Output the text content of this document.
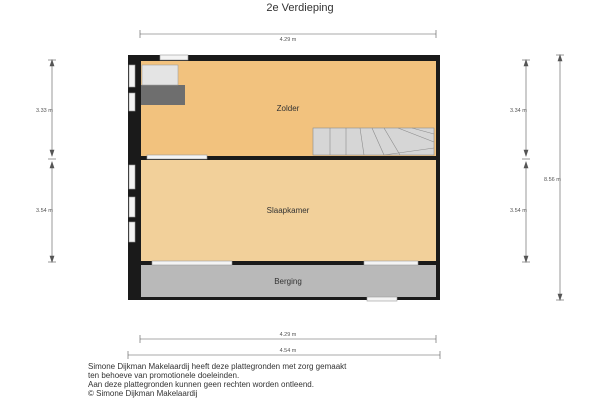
2e Verdieping
Zolder
Slaapkamer
Berging
4.29 m
4.29 m
4.54 m
3.33 m
3.54 m
3.34 m
3.54 m
8.56 m
Simone Dijkman Makelaardij heeft deze plattegronden met zorg gemaakt
ten behoeve van promotionele doeleinden.
Aan deze plattegronden kunnen geen rechten worden ontleend.
© Simone Dijkman Makelaardij
